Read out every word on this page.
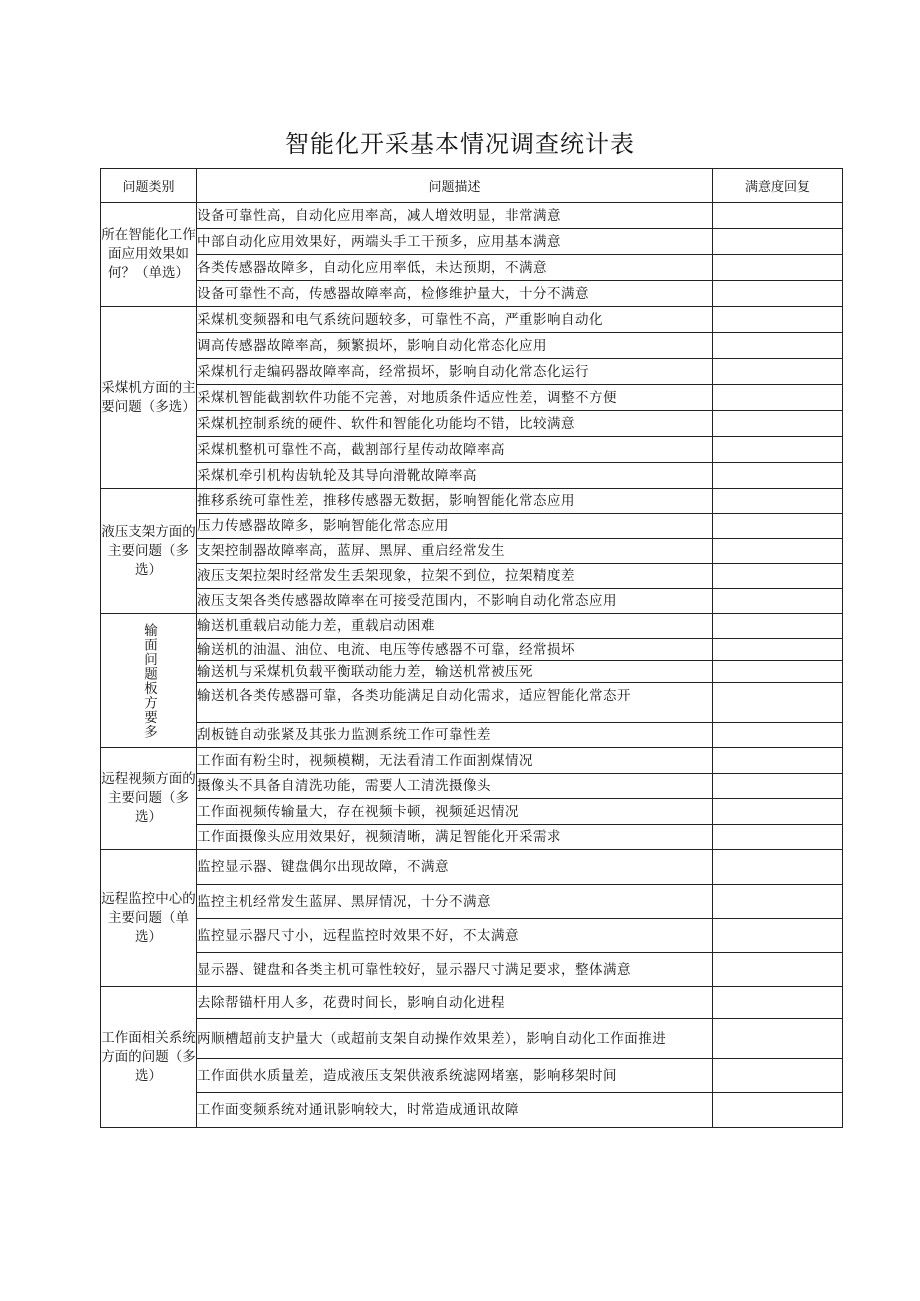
智能化开采基本情况调查统计表
问题类别	问题描述	满意度回复
所在智能化工作面应用效果如何？（单选）	设备可靠性高，自动化应用率高，减人增效明显，非常满意	
	中部自动化应用效果好，两端头手工干预多，应用基本满意	
	各类传感器故障多，自动化应用率低，未达预期，不满意	
	设备可靠性不高，传感器故障率高，检修维护量大，十分不满意	
采煤机方面的主要问题（多选）	采煤机变频器和电气系统问题较多，可靠性不高，严重影响自动化	
	调高传感器故障率高，频繁损坏，影响自动化常态化应用	
	采煤机行走编码器故障率高，经常损坏，影响自动化常态化运行	
	采煤机智能截割软件功能不完善，对地质条件适应性差，调整不方便	
	采煤机控制系统的硬件、软件和智能化功能均不错，比较满意	
	采煤机整机可靠性不高，截割部行星传动故障率高	
	采煤机牵引机构齿轨轮及其导向滑靴故障率高	
液压支架方面的主要问题（多选）	推移系统可靠性差，推移传感器无数据，影响智能化常态应用	
	压力传感器故障多，影响智能化常态应用	
	支架控制器故障率高，蓝屏、黑屏、重启经常发生	
	液压支架拉架时经常发生丢架现象，拉架不到位，拉架精度差	
	液压支架各类传感器故障率在可接受范围内，不影响自动化常态应用	
输面问题板方要多	输送机重载启动能力差，重载启动困难	
	输送机的油温、油位、电流、电压等传感器不可靠，经常损坏	
	输送机与采煤机负载平衡联动能力差，输送机常被压死	
	输送机各类传感器可靠，各类功能满足自动化需求，适应智能化常态开	
	刮板链自动张紧及其张力监测系统工作可靠性差	
远程视频方面的主要问题（多选）	工作面有粉尘时，视频模糊，无法看清工作面割煤情况	
	摄像头不具备自清洗功能，需要人工清洗摄像头	
	工作面视频传输量大，存在视频卡顿，视频延迟情况	
	工作面摄像头应用效果好，视频清晰，满足智能化开采需求	
远程监控中心的主要问题（单选）	监控显示器、键盘偶尔出现故障，不满意	
	监控主机经常发生蓝屏、黑屏情况，十分不满意	
	监控显示器尺寸小，远程监控时效果不好，不太满意	
	显示器、键盘和各类主机可靠性较好，显示器尺寸满足要求，整体满意	
工作面相关系统方面的问题（多选）	去除帮锚杆用人多，花费时间长，影响自动化进程	
	两顺槽超前支护量大（或超前支架自动操作效果差），影响自动化工作面推进	
	工作面供水质量差，造成液压支架供液系统滤网堵塞，影响移架时间	
	工作面变频系统对通讯影响较大，时常造成通讯故障	
